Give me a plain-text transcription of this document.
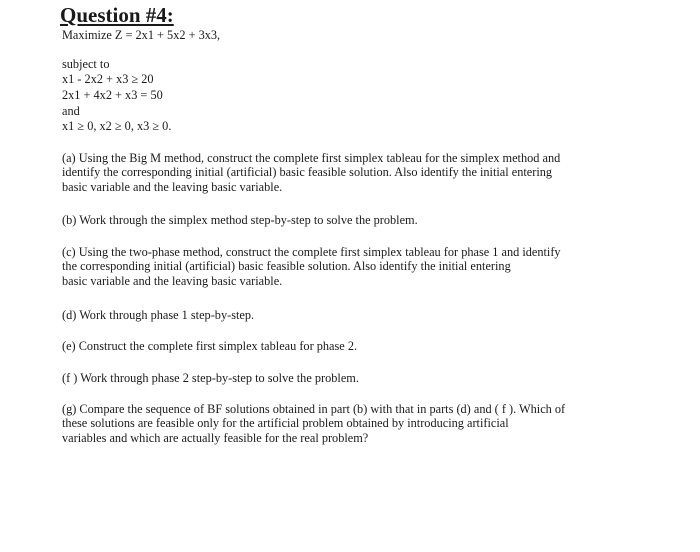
Question #4:

Maximize Z = 2x1 + 5x2 + 3x3,

subject to

x1 - 2x2 + x3 ≥ 20

2x1 + 4x2 + x3 = 50

and

x1 ≥ 0, x2 ≥ 0, x3 ≥ 0.

(a) Using the Big M method, construct the complete first simplex tableau for the simplex method and
identify the corresponding initial (artificial) basic feasible solution. Also identify the initial entering
basic variable and the leaving basic variable.

(b) Work through the simplex method step-by-step to solve the problem.

(c) Using the two-phase method, construct the complete first simplex tableau for phase 1 and identify
the corresponding initial (artificial) basic feasible solution. Also identify the initial entering
basic variable and the leaving basic variable.

(d) Work through phase 1 step-by-step.

(e) Construct the complete first simplex tableau for phase 2.

(f ) Work through phase 2 step-by-step to solve the problem.

(g) Compare the sequence of BF solutions obtained in part (b) with that in parts (d) and ( f ). Which of
these solutions are feasible only for the artificial problem obtained by introducing artificial
variables and which are actually feasible for the real problem?
